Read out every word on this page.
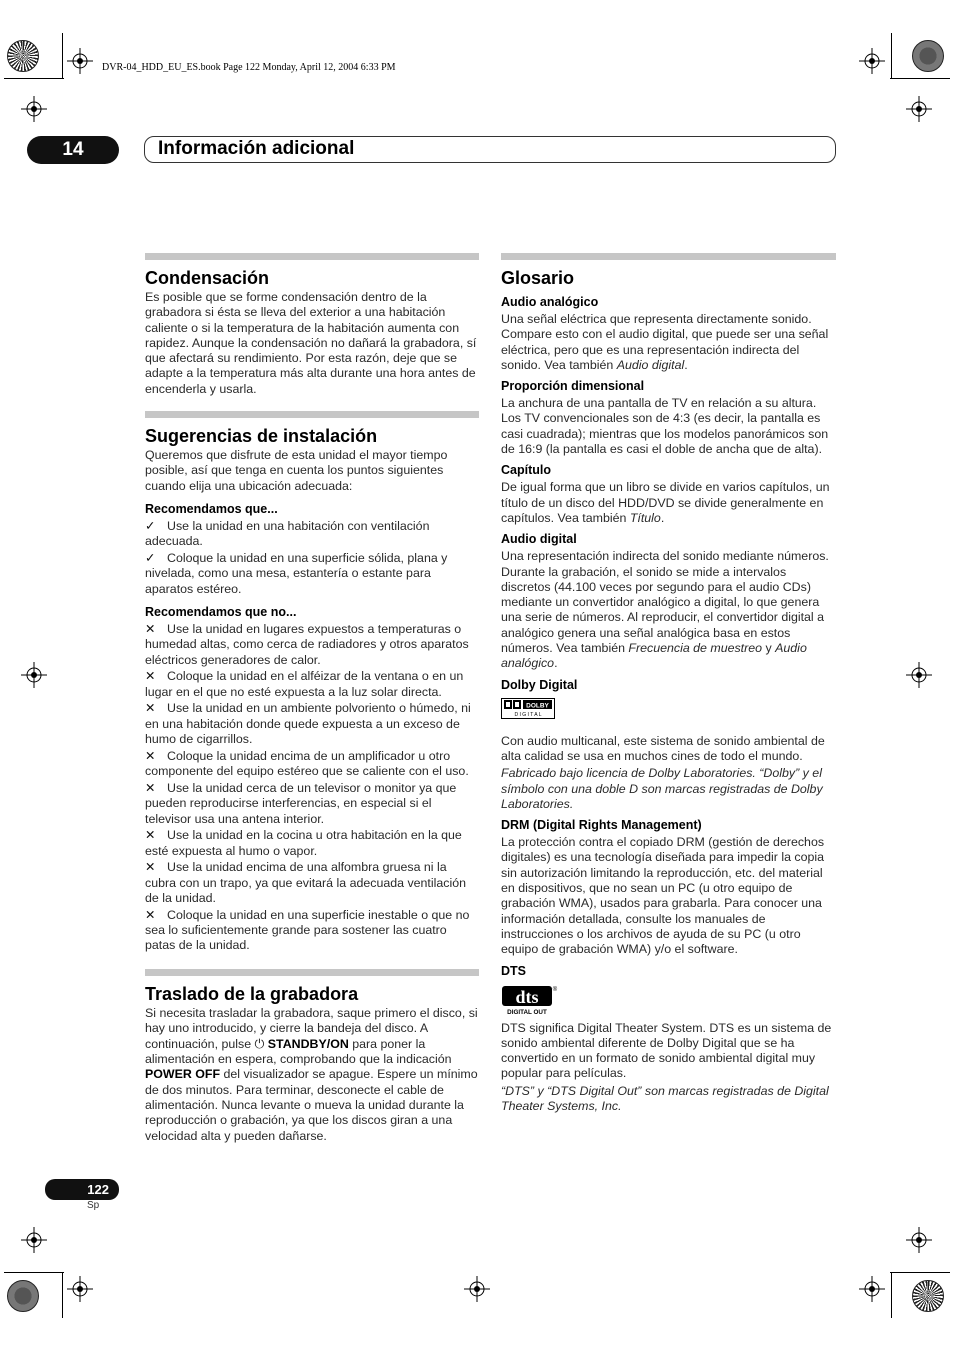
DVR-04_HDD_EU_ES.book Page 122 Monday, April 12, 2004 6:33 PM
14	Información adicional
Condensación

Es posible que se forme condensación dentro de la grabadora si ésta se lleva del exterior a una habitación caliente o si la temperatura de la habitación aumenta con rapidez. Aunque la condensación no dañará la grabadora, sí que afectará su rendimiento. Por esta razón, deje que se adapte a la temperatura más alta durante una hora antes de encenderla y usarla.

Sugerencias de instalación

Queremos que disfrute de esta unidad el mayor tiempo posible, así que tenga en cuenta los puntos siguientes cuando elija una ubicación adecuada:

Recomendamos que...
✓ Use la unidad en una habitación con ventilación adecuada.
✓ Coloque la unidad en una superficie sólida, plana y nivelada, como una mesa, estantería o estante para aparatos estéreo.
Recomendamos que no...
✕ Use la unidad en lugares expuestos a temperaturas o humedad altas, como cerca de radiadores y otros aparatos eléctricos generadores de calor.
✕ Coloque la unidad en el alféizar de la ventana o en un lugar en el que no esté expuesta a la luz solar directa.
✕ Use la unidad en un ambiente polvoriento o húmedo, ni en una habitación donde quede expuesta a un exceso de humo de cigarrillos.
✕ Coloque la unidad encima de un amplificador u otro componente del equipo estéreo que se caliente con el uso.
✕ Use la unidad cerca de un televisor o monitor ya que pueden reproducirse interferencias, en especial si el televisor usa una antena interior.
✕ Use la unidad en la cocina u otra habitación en la que esté expuesta al humo o vapor.
✕ Use la unidad encima de una alfombra gruesa ni la cubra con un trapo, ya que evitará la adecuada ventilación de la unidad.
✕ Coloque la unidad en una superficie inestable o que no sea lo suficientemente grande para sostener las cuatro patas de la unidad.
Traslado de la grabadora

Si necesita trasladar la grabadora, saque primero el disco, si hay uno introducido, y cierre la bandeja del disco. A continuación, pulse ⏻ STANDBY/ON para poner la alimentación en espera, comprobando que la indicación POWER OFF del visualizador se apague. Espere un mínimo de dos minutos. Para terminar, desconecte el cable de alimentación. Nunca levante o mueva la unidad durante la reproducción o grabación, ya que los discos giran a una velocidad alta y pueden dañarse.

Glosario
Audio analógico

Una señal eléctrica que representa directamente sonido. Compare esto con el audio digital, que puede ser una señal eléctrica, pero que es una representación indirecta del sonido. Vea también Audio digital.

Proporción dimensional

La anchura de una pantalla de TV en relación a su altura. Los TV convencionales son de 4:3 (es decir, la pantalla es casi cuadrada); mientras que los modelos panorámicos son de 16:9 (la pantalla es casi el doble de ancha que de alta).

Capítulo

De igual forma que un libro se divide en varios capítulos, un título de un disco del HDD/DVD se divide generalmente en capítulos. Vea también Título.

Audio digital

Una representación indirecta del sonido mediante números. Durante la grabación, el sonido se mide a intervalos discretos (44.100 veces por segundo para el audio CDs) mediante un convertidor analógico a digital, lo que genera una serie de números. Al reproducir, el convertidor digital a analógico genera una señal analógica basa en estos números. Vea también Frecuencia de muestreo y Audio analógico.

Dolby Digital
DOLBY
D I G I T A L

Con audio multicanal, este sistema de sonido ambiental de alta calidad se usa en muchos cines de todo el mundo.

Fabricado bajo licencia de Dolby Laboratories. “Dolby” y el símbolo con una doble D son marcas registradas de Dolby Laboratories.

DRM (Digital Rights Management)

La protección contra el copiado DRM (gestión de derechos digitales) es una tecnología diseñada para impedir la copia sin autorización limitando la reproducción, etc. del material en dispositivos, que no sean un PC (u otro equipo de grabación WMA), usados para grabarla. Para conocer una información detallada, consulte los manuales de instrucciones o los archivos de ayuda de su PC (u otro equipo de grabación WMA) y/o el software.

DTS
dts ®
DIGITAL OUT

DTS significa Digital Theater System. DTS es un sistema de sonido ambiental diferente de Dolby Digital que se ha convertido en un formato de sonido ambiental digital muy popular para películas.

“DTS” y “DTS Digital Out” son marcas registradas de Digital Theater Systems, Inc.

122
Sp
